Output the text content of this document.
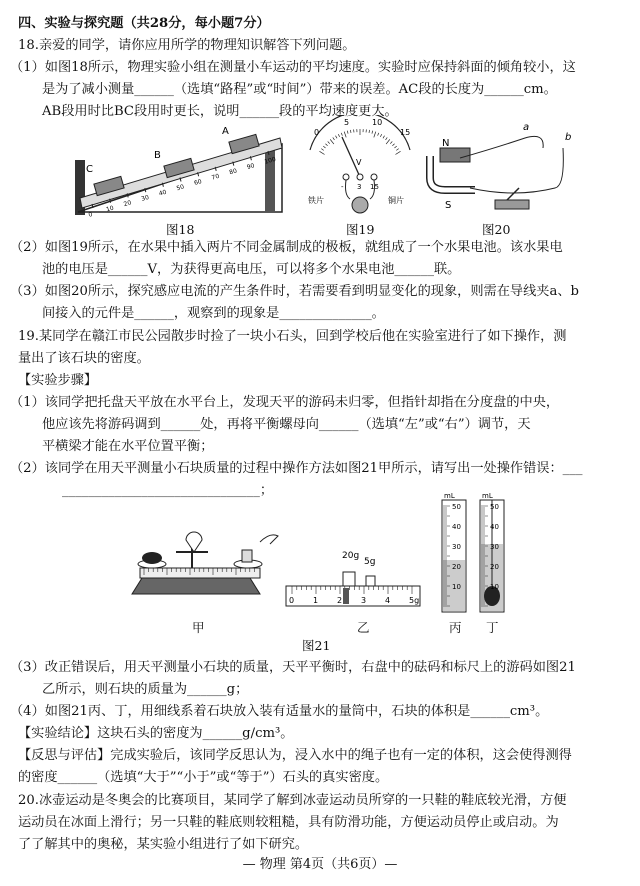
四、实验与探究题（共28分，每小题7分）
18.亲爱的同学，请你应用所学的物理知识解答下列问题。
（1）如图18所示，物理实验小组在测量小车运动的平均速度。实验时应保持斜面的倾角较小，这
是为了减小测量______（选填“路程”或“时间”）带来的误差。AC段的长度为______cm。
AB段用时比BC段用时更长，说明______段的平均速度更大。
C
B
A
0
10
20
30
40
50
60
70
80
90
100
图18
0
5	10
15
V
- 3 15
铁片	铜片
图19
N
S
a
b
图20
（2）如图19所示，在水果中插入两片不同金属制成的极板，就组成了一个水果电池。该水果电
池的电压是______V，为获得更高电压，可以将多个水果电池______联。
（3）如图20所示，探究感应电流的产生条件时，若需要看到明显变化的现象，则需在导线夹a、b
间接入的元件是______，观察到的现象是______________。
19.某同学在赣江市民公园散步时捡了一块小石头，回到学校后他在实验室进行了如下操作，测
量出了该石块的密度。
【实验步骤】
（1）该同学把托盘天平放在水平台上，发现天平的游码未归零，但指针却指在分度盘的中央，
他应该先将游码调到______处，再将平衡螺母向______（选填“左”或“右”）调节，天
平横梁才能在水平位置平衡；
（2）该同学在用天平测量小石块质量的过程中操作方法如图21甲所示，请写出一处操作错误：___
______________________________；
20g
5g
0 1 2 3 4 5g
mL
50
40
30
20
10
mL
50
40
30
20
10
甲	乙	丙 丁
图21
（3）改正错误后，用天平测量小石块的质量，天平平衡时，右盘中的砝码和标尺上的游码如图21
乙所示，则石块的质量为______g；
（4）如图21丙、丁，用细线系着石块放入装有适量水的量筒中，石块的体积是______cm³。
【实验结论】这块石头的密度为______g/cm³。
【反思与评估】完成实验后，该同学反思认为，浸入水中的绳子也有一定的体积，这会使得测得
的密度______（选填“大于”“小于”或“等于”）石头的真实密度。
20.冰壶运动是冬奥会的比赛项目，某同学了解到冰壶运动员所穿的一只鞋的鞋底较光滑，方便
运动员在冰面上滑行；另一只鞋的鞋底则较粗糙，具有防滑功能，方便运动员停止或启动。为
了了解其中的奥秘，某实验小组进行了如下研究。
— 物理 第4页（共6页）—
